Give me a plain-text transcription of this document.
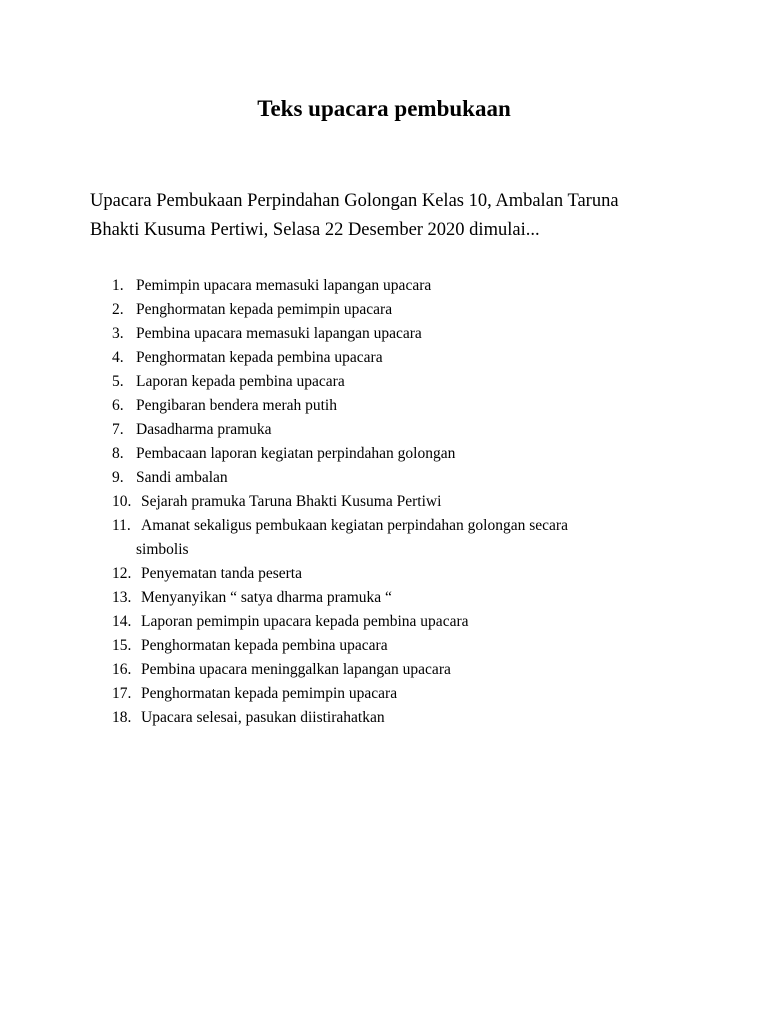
Teks upacara pembukaan
Upacara Pembukaan Perpindahan Golongan Kelas 10, Ambalan Taruna
Bhakti Kusuma Pertiwi, Selasa 22 Desember 2020 dimulai...
1. Pemimpin upacara memasuki lapangan upacara
2. Penghormatan kepada pemimpin upacara
3. Pembina upacara memasuki lapangan upacara
4. Penghormatan kepada pembina upacara
5. Laporan kepada pembina upacara
6. Pengibaran bendera merah putih
7. Dasadharma pramuka
8. Pembacaan laporan kegiatan perpindahan golongan
9. Sandi ambalan
10. Sejarah pramuka Taruna Bhakti Kusuma Pertiwi
11. Amanat sekaligus pembukaan kegiatan perpindahan golongan secara
simbolis
12. Penyematan tanda peserta
13. Menyanyikan “ satya dharma pramuka “
14. Laporan pemimpin upacara kepada pembina upacara
15. Penghormatan kepada pembina upacara
16. Pembina upacara meninggalkan lapangan upacara
17. Penghormatan kepada pemimpin upacara
18. Upacara selesai, pasukan diistirahatkan
